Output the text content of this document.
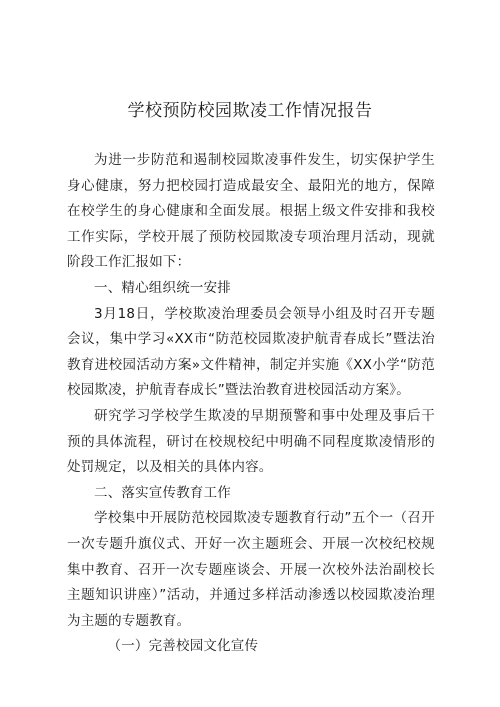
学校预防校园欺凌工作情况报告

为进一步防范和遏制校园欺凌事件发生，切实保护学生身心健康，努力把校园打造成最安全、最阳光的地方，保障在校学生的身心健康和全面发展。根据上级文件安排和我校工作实际，学校开展了预防校园欺凌专项治理月活动，现就阶段工作汇报如下：

一、精心组织统一安排

3月18日，学校欺凌治理委员会领导小组及时召开专题会议，集中学习«XX市“防范校园欺凌护航青春成长”暨法治教育进校园活动方案»文件精神，制定并实施《XX小学“防范校园欺凌，护航青春成长”暨法治教育进校园活动方案》。

研究学习学校学生欺凌的早期预警和事中处理及事后干预的具体流程，研讨在校规校纪中明确不同程度欺凌情形的处罚规定，以及相关的具体内容。

二、落实宣传教育工作

学校集中开展防范校园欺凌专题教育行动”五个一（召开一次专题升旗仪式、开好一次主题班会、开展一次校纪校规集中教育、召开一次专题座谈会、开展一次校外法治副校长主题知识讲座）”活动，并通过多样活动渗透以校园欺凌治理为主题的专题教育。

（一）完善校园文化宣传
